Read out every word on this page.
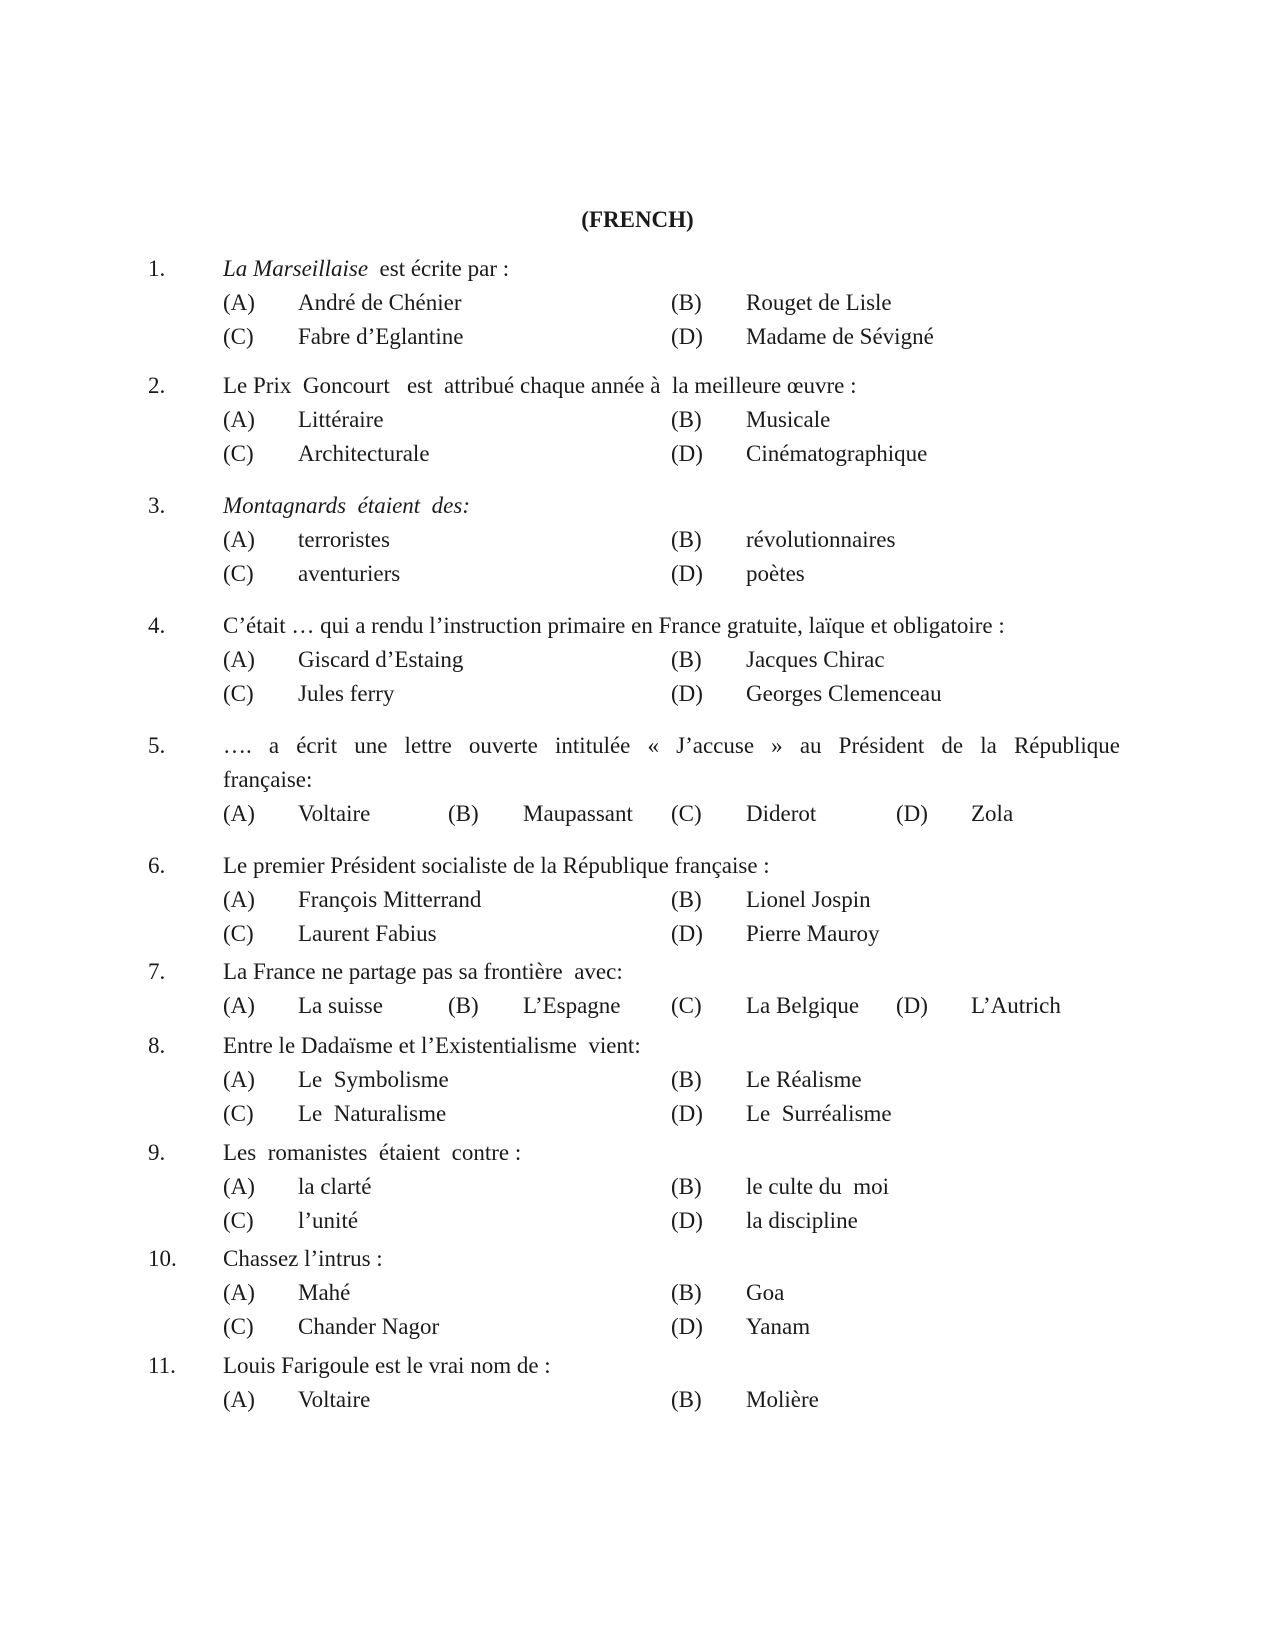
(FRENCH)
1.	La Marseillaise  est écrite par :
(A) André de Chénier	(B) Rouget de Lisle
(C) Fabre d’Eglantine	(D) Madame de Sévigné
2.	Le Prix  Goncourt   est  attribué chaque année à  la meilleure œuvre :
(A) Littéraire	(B) Musicale
(C) Architecturale	(D) Cinématographique
3.	Montagnards  étaient  des:
(A) terroristes	(B) révolutionnaires
(C) aventuriers	(D) poètes
4.	C’était … qui a rendu l’instruction primaire en France gratuite, laïque et obligatoire :
(A) Giscard d’Estaing	(B) Jacques Chirac
(C) Jules ferry	(D) Georges Clemenceau
5.	…. a écrit une lettre ouverte intitulée « J’accuse » au Président de la République
française:
(A) Voltaire	(B) Maupassant (C) Diderot	(D) Zola
6.	Le premier Président socialiste de la République française :
(A) François Mitterrand	(B) Lionel Jospin
(C) Laurent Fabius	(D) Pierre Mauroy
7.	La France ne partage pas sa frontière  avec:
(A) La suisse	(B) L’Espagne (C) La Belgique (D) L’Autrich
8.	Entre le Dadaïsme et l’Existentialisme  vient:
(A) Le  Symbolisme	(B) Le Réalisme
(C) Le  Naturalisme	(D) Le  Surréalisme
9.	Les  romanistes  étaient  contre :
(A) la clarté	(B) le culte du  moi
(C) l’unité	(D) la discipline
10. Chassez l’intrus :
(A) Mahé	(B) Goa
(C) Chander Nagor	(D) Yanam
11. Louis Farigoule est le vrai nom de :
(A) Voltaire	(B) Molière
